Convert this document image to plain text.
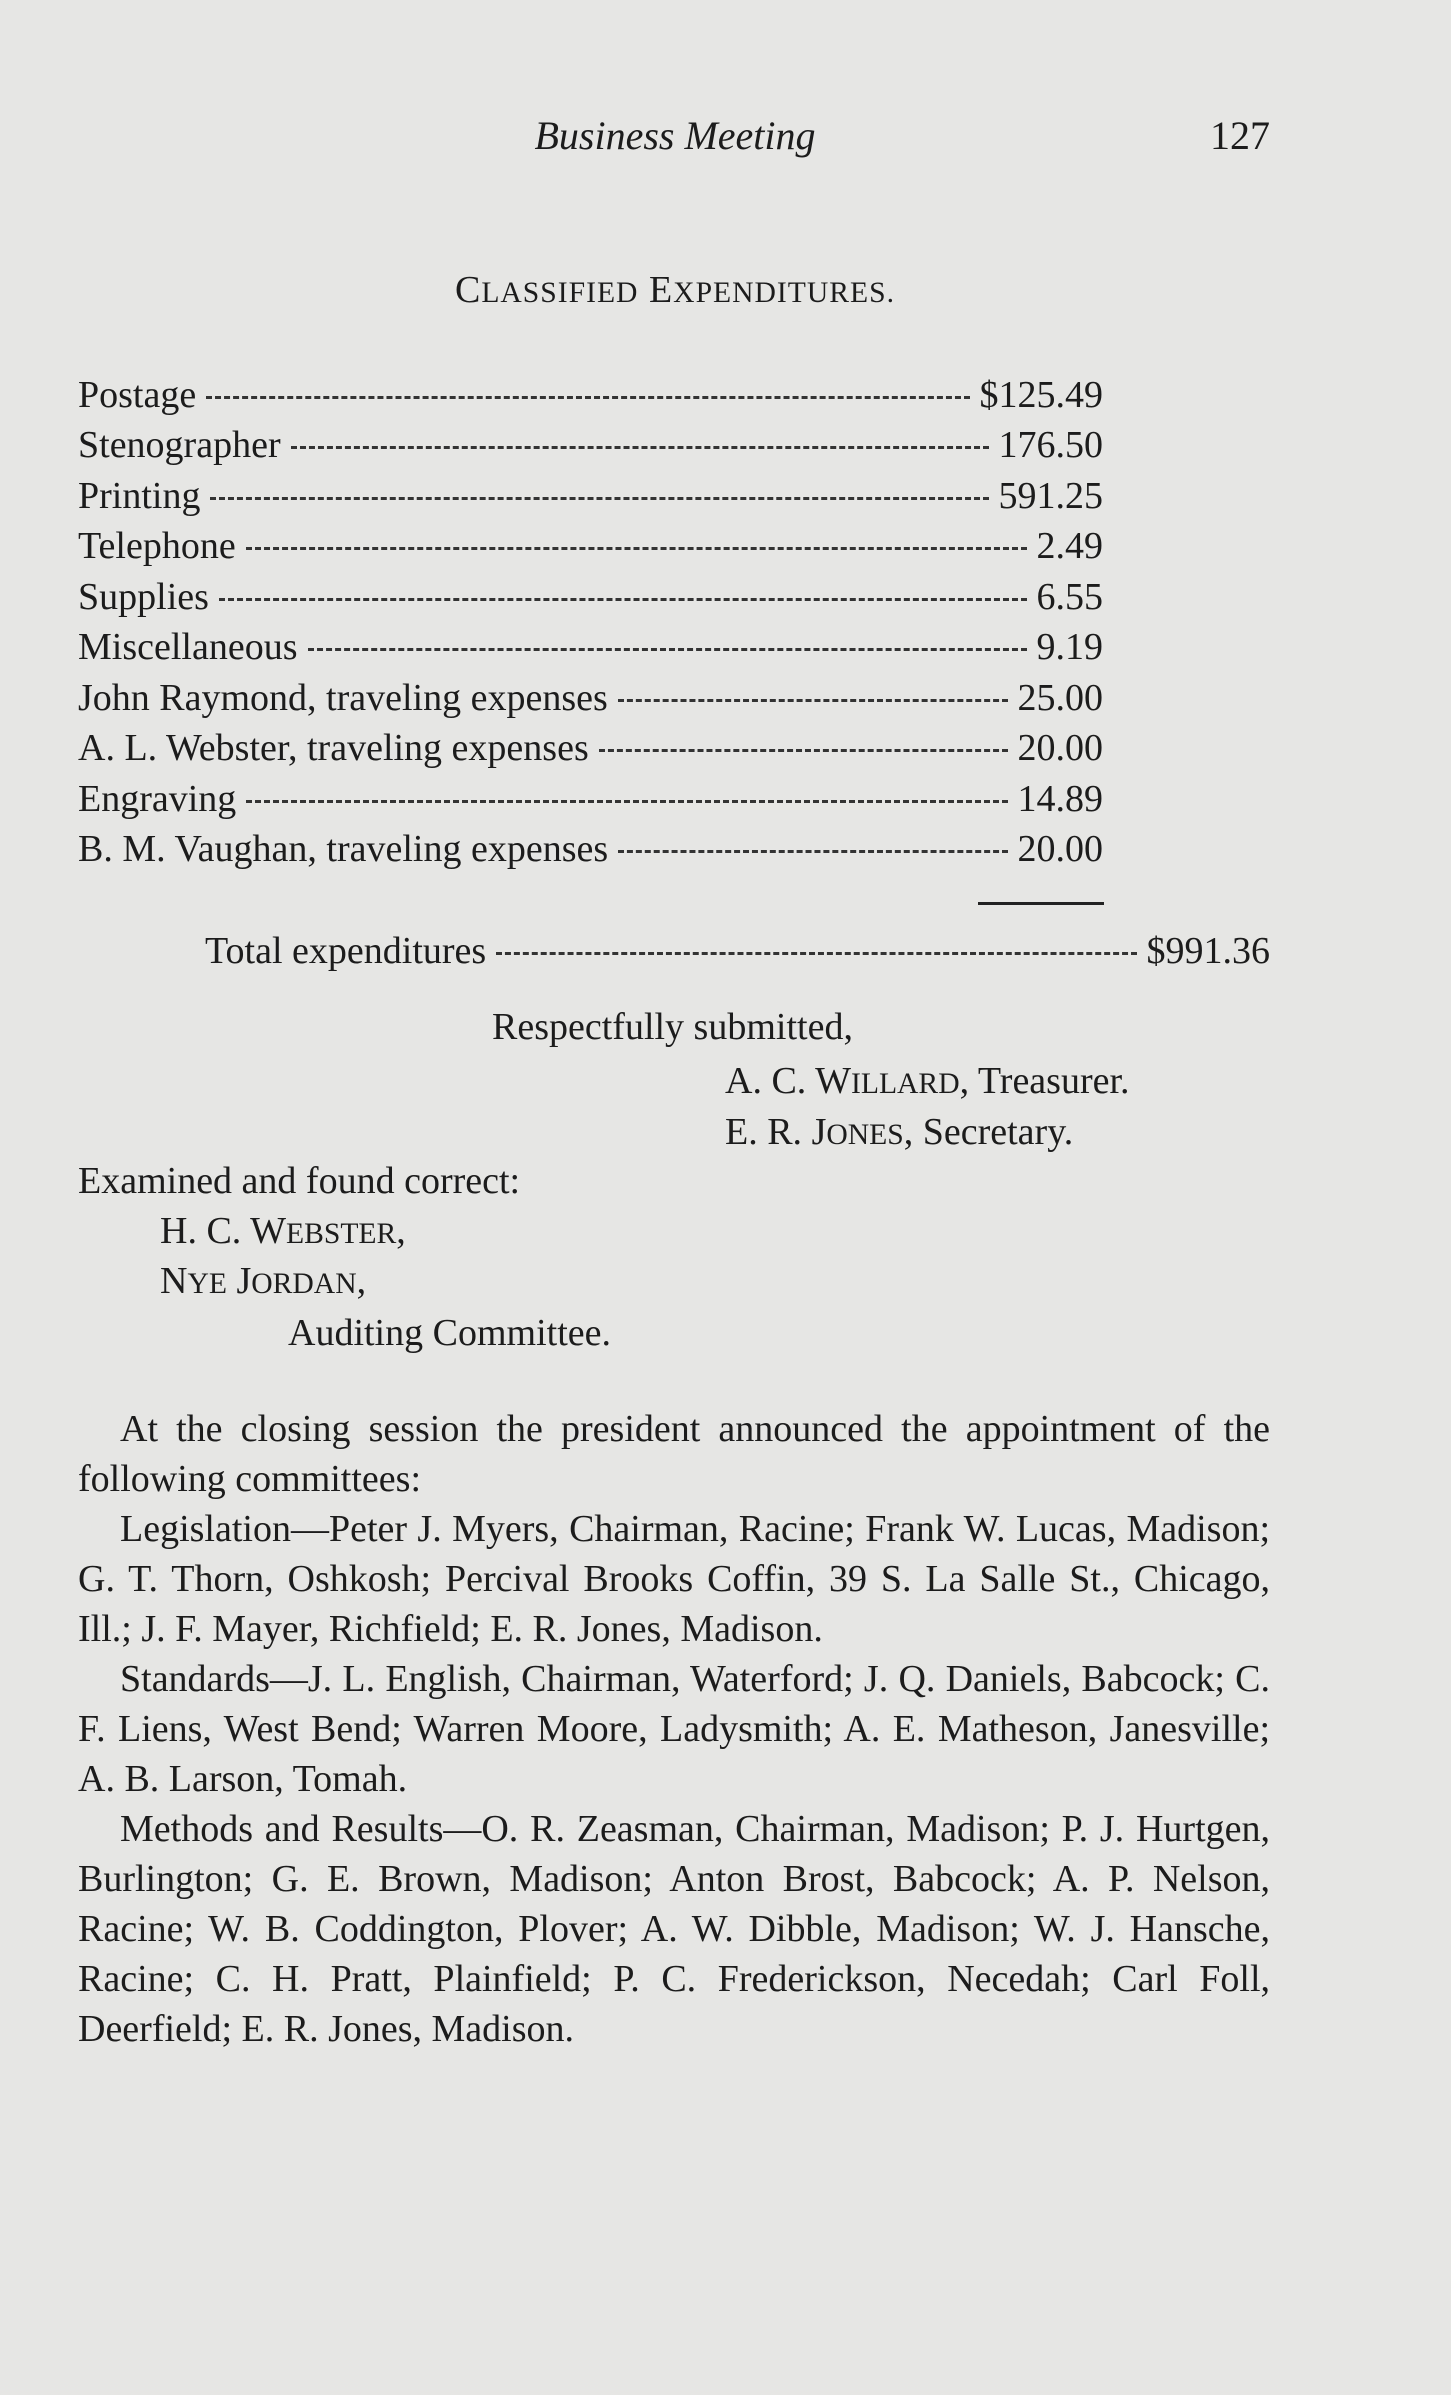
Business Meeting	127
CLASSIFIED EXPENDITURES.
Postage	$125.49
Stenographer	176.50
Printing	591.25
Telephone	2.49
Supplies	6.55
Miscellaneous	9.19
John Raymond, traveling expenses	25.00
A. L. Webster, traveling expenses	20.00
Engraving	14.89
B. M. Vaughan, traveling expenses	20.00
Total expenditures	$991.36
Respectfully submitted,
A. C. WILLARD, Treasurer.
E. R. JONES, Secretary.
Examined and found correct:
H. C. WEBSTER,
NYE JORDAN,
Auditing Committee.

At the closing session the president announced the appointment of the following committees:

Legislation—Peter J. Myers, Chairman, Racine; Frank W. Lucas, Madison; G. T. Thorn, Oshkosh; Percival Brooks Coffin, 39 S. La Salle St., Chicago, Ill.; J. F. Mayer, Richfield; E. R. Jones, Madison.

Standards—J. L. English, Chairman, Waterford; J. Q. Daniels, Babcock; C. F. Liens, West Bend; Warren Moore, Ladysmith; A. E. Matheson, Janesville; A. B. Larson, Tomah.

Methods and Results—O. R. Zeasman, Chairman, Madison; P. J. Hurtgen, Burlington; G. E. Brown, Madison; Anton Brost, Babcock; A. P. Nelson, Racine; W. B. Coddington, Plover; A. W. Dibble, Madison; W. J. Hansche, Racine; C. H. Pratt, Plainfield; P. C. Frederickson, Necedah; Carl Foll, Deerfield; E. R. Jones, Madison.
